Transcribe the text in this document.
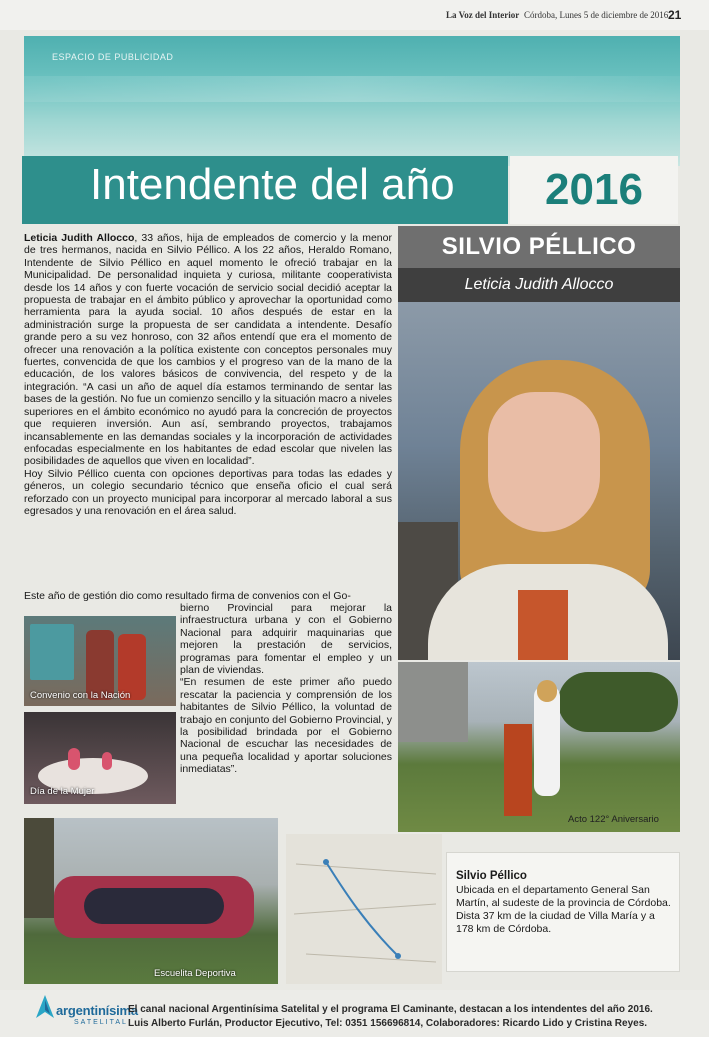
La Voz del Interior Córdoba, Lunes 5 de diciembre de 2016 21
ESPACIO DE PUBLICIDAD
Intendente del año	2016

Leticia Judith Allocco, 33 años, hija de empleados de comercio y la menor de tres hermanos, nacida en Silvio Péllico. A los 22 años, Heraldo Romano, Intendente de Silvio Péllico en aquel momento le ofreció trabajar en la Municipalidad. De personalidad inquieta y curiosa, militante cooperativista desde los 14 años y con fuerte vocación de servicio social decidió aceptar la propuesta de trabajar en el ámbito público y aprovechar la oportunidad como herramienta para la ayuda social. 10 años después de estar en la administración surge la propuesta de ser candidata a intendente. Desafío grande pero a su vez honroso, con 32 años entendí que era el momento de ofrecer una renovación a la política existente con conceptos personales muy fuertes, convencida de que los cambios y el progreso van de la mano de la educación, de los valores básicos de convivencia, del respeto y de la integración. “A casi un año de aquel día estamos terminando de sentar las bases de la gestión. No fue un comienzo sencillo y la situación macro a niveles superiores en el ámbito económico no ayudó para la concreción de proyectos que requieren inversión. Aun así, sembrando proyectos, trabajamos incansablemente en las demandas sociales y la incorporación de actividades enfocadas especialmente en los habitantes de edad escolar que nivelen las posibilidades de aquellos que viven en localidad”.

Hoy Silvio Péllico cuenta con opciones deportivas para todas las edades y géneros, un colegio secundario técnico que enseña oficio el cual será reforzado con un proyecto municipal para incorporar al mercado laboral a sus egresados y una renovación en el área salud.

Este año de gestión dio como resultado firma de convenios con el Go-
SILVIO PÉLLICO
Leticia Judith Allocco
Convenio con la Nación
Día de la Mujer

bierno Provincial para mejorar la infraestructura urbana y con el Gobierno Nacional para adquirir maquinarias que mejoren la prestación de servicios, programas para fomentar el empleo y un plan de viviendas.

“En resumen de este primer año puedo rescatar la paciencia y comprensión de los habitantes de Silvio Péllico, la voluntad de trabajo en conjunto del Gobierno Provincial, y la posibilidad brindada por el Gobierno Nacional de escuchar las necesidades de una pequeña localidad y aportar soluciones inmediatas”.

Acto 122° Aniversario
Escuelita Deportiva
Silvio Péllico
Ubicada en el departamento General San Martín, al sudeste de la provincia de Córdoba. Dista 37 km de la ciudad de Villa María y a 178 km de Córdoba.
argentinísima
SATELITAL
El canal nacional Argentinísima Satelital y el programa El Caminante, destacan a los intendentes del año 2016.
Luis Alberto Furlán, Productor Ejecutivo, Tel: 0351 156696814, Colaboradores: Ricardo Lido y Cristina Reyes.
